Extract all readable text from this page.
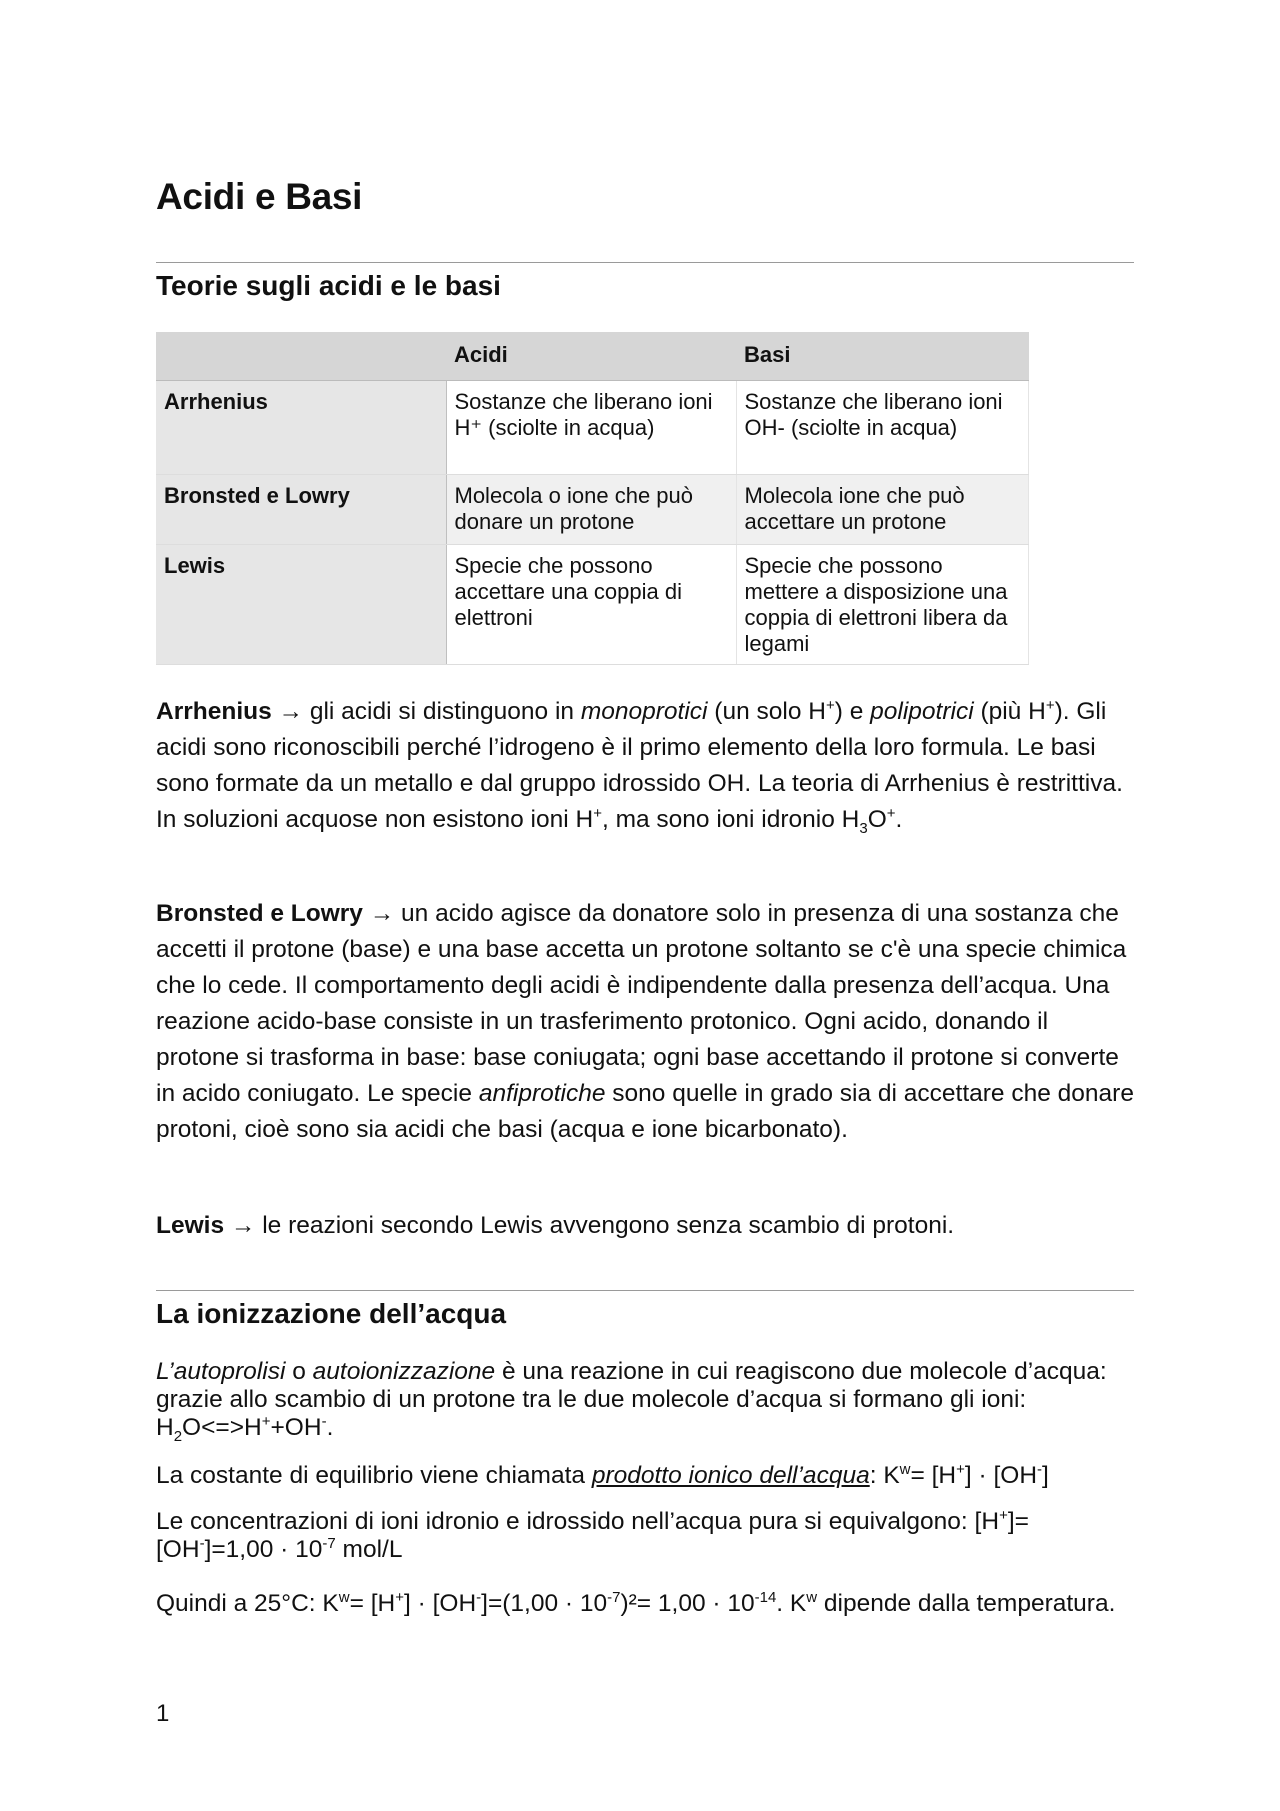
Acidi e Basi
Teorie sugli acidi e le basi
	Acidi	Basi
Arrhenius	Sostanze che liberano ioni H⁺ (sciolte in acqua)	Sostanze che liberano ioni OH- (sciolte in acqua)
Bronsted e Lowry	Molecola o ione che può donare un protone	Molecola ione che può accettare un protone
Lewis	Specie che possono accettare una coppia di elettroni	Specie che possono mettere a disposizione una coppia di elettroni libera da legami

Arrhenius → gli acidi si distinguono in monoprotici (un solo H+) e polipotrici (più H+). Gli acidi sono riconoscibili perché l’idrogeno è il primo elemento della loro formula. Le basi sono formate da un metallo e dal gruppo idrossido OH. La teoria di Arrhenius è restrittiva. In soluzioni acquose non esistono ioni H+, ma sono ioni idronio $H_3O^+$.

Bronsted e Lowry → un acido agisce da donatore solo in presenza di una sostanza che accetti il protone (base) e una base accetta un protone soltanto se c'è una specie chimica che lo cede. Il comportamento degli acidi è indipendente dalla presenza dell’acqua. Una reazione acido-base consiste in un trasferimento protonico. Ogni acido, donando il protone si trasforma in base: base coniugata; ogni base accettando il protone si converte in acido coniugato. Le specie anfiprotiche sono quelle in grado sia di accettare che donare protoni, cioè sono sia acidi che basi (acqua e ione bicarbonato).

Lewis → le reazioni secondo Lewis avvengono senza scambio di protoni.

La ionizzazione dell’acqua

L’autoprolisi o autoionizzazione è una reazione in cui reagiscono due molecole d’acqua: grazie allo scambio di un protone tra le due molecole d’acqua si formano gli ioni: $H_2O<=>H^++OH^-$.

La costante di equilibrio viene chiamata prodotto ionico dell’acqua: $K^w= [H^+] \cdot [OH^-]$

Le concentrazioni di ioni idronio e idrossido nell’acqua pura si equivalgono: $[H^+]=[OH^-]=1,00 \cdot 10^{-7}$ mol/L

Quindi a 25°C: $K^w= [H^+] \cdot [OH^-]=(1,00 \cdot 10^{-7})^2= 1,00 \cdot 10^{-14}$. $K^w$ dipende dalla temperatura.

1
